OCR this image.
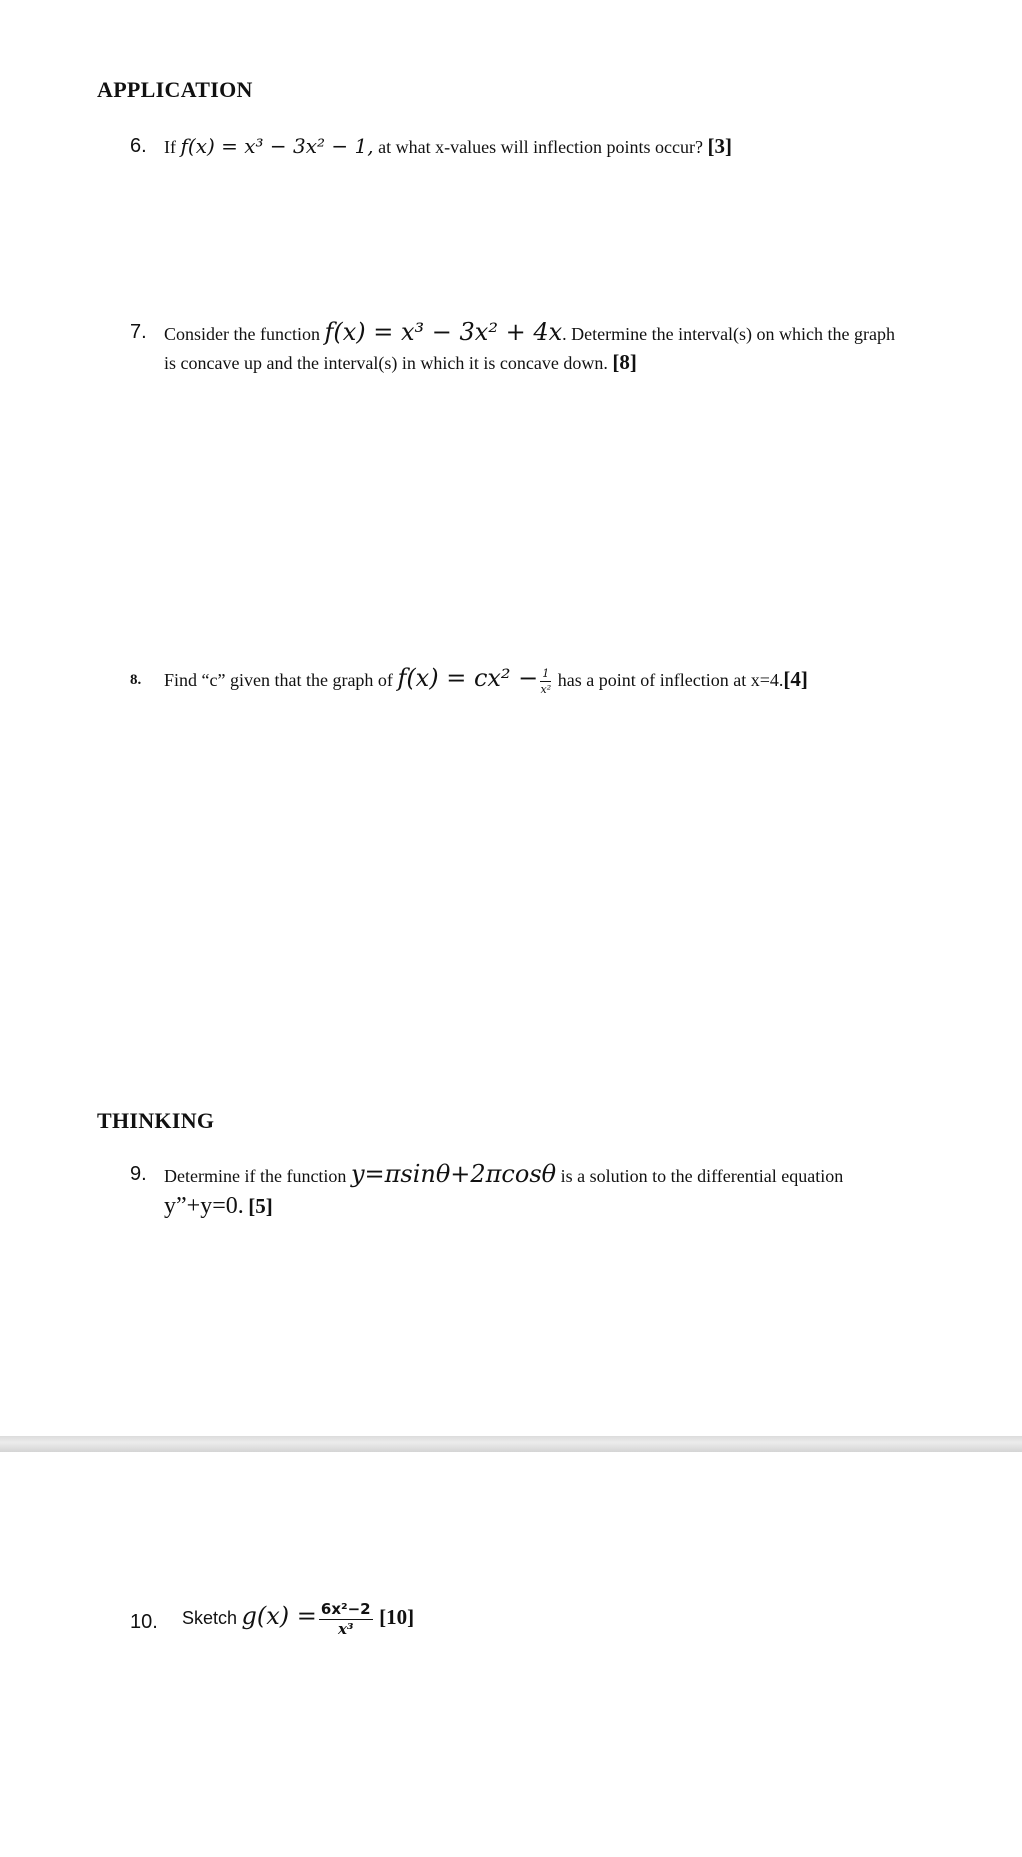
APPLICATION
6. If f(x) = x³ − 3x² − 1, at what x-values will inflection points occur? [3]
7. Consider the function f(x) = x³ − 3x² + 4x. Determine the interval(s) on which the graph
is concave up and the interval(s) in which it is concave down. [8]
8. Find “c” given that the graph of $f(x) = cx^2 - \frac{1}{\text{x²}}$ has a point of inflection at x=4.[4]
THINKING
9. Determine if the function y=πsinθ+2πcosθ is a solution to the differential equation
y”+y=0. [5]
10. Sketch $g(x) = \frac{\text{6x²−2}}{\text{x³}} [10]$
